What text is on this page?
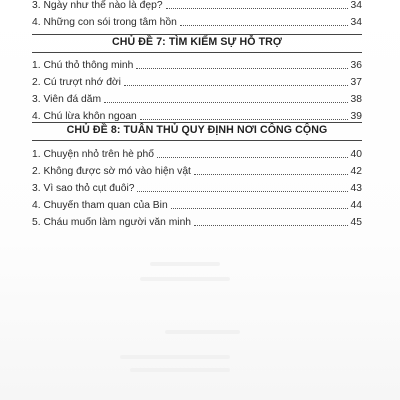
3. Ngày như thế nào là đẹp?	34
4. Những con sói trong tâm hồn	34
CHỦ ĐỀ 7: TÌM KIẾM SỰ HỖ TRỢ
1. Chú thỏ thông minh	36
2. Cú trượt nhớ đời	37
3. Viên đá dăm	38
4. Chú lừa khôn ngoan	39
CHỦ ĐỀ 8: TUÂN THỦ QUY ĐỊNH NƠI CÔNG CỘNG
1. Chuyện nhỏ trên hè phố	40
2. Không được sờ mó vào hiện vật	42
3. Vì sao thỏ cụt đuôi?	43
4. Chuyến tham quan của Bin	44
5. Cháu muốn làm người văn minh	45
